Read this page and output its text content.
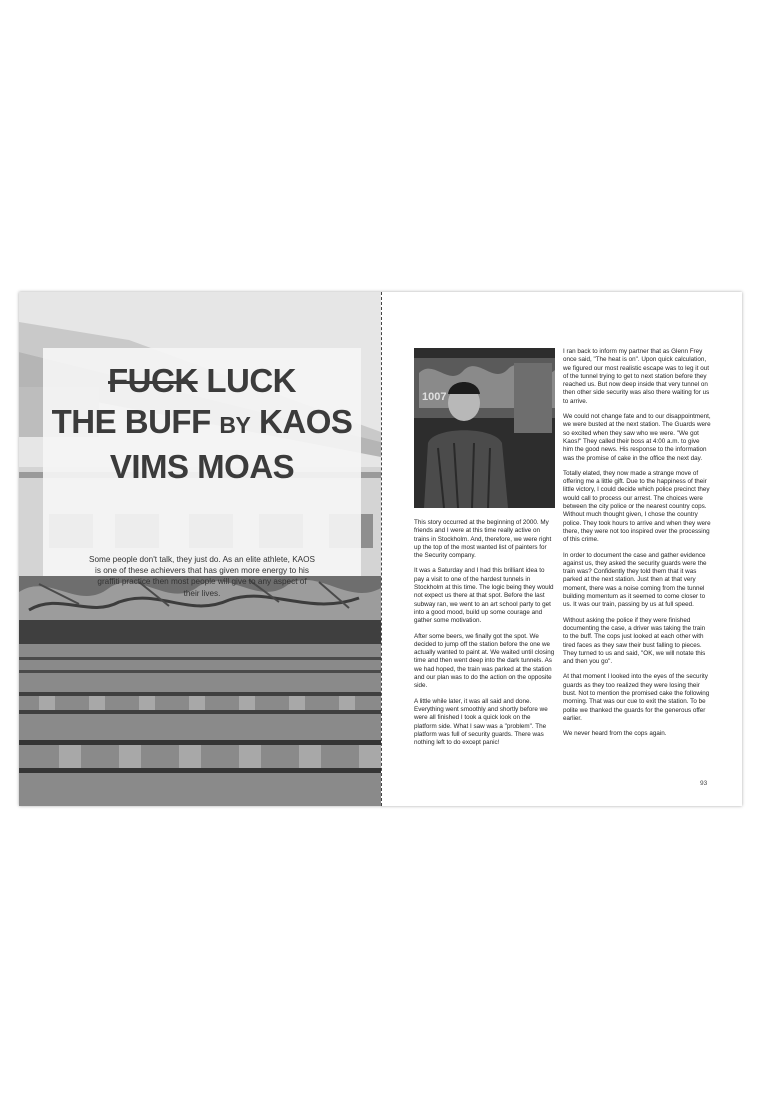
FUCK LUCK
THE BUFF BY KAOS
VIMS MOAS
Some people don't talk, they just do. As an elite athlete, KAOS is one of these achievers that has given more energy to his graffiti practice then most people will give to any aspect of their lives.
1007

This story occurred at the beginning of 2000. My friends and I were at this time really active on trains in Stockholm. And, therefore, we were right up the top of the most wanted list of painters for the Security company.

It was a Saturday and I had this brilliant idea to pay a visit to one of the hardest tunnels in Stockholm at this time. The logic being they would not expect us there at that spot. Before the last subway ran, we went to an art school party to get into a good mood, build up some courage and gather some motivation.

After some beers, we finally got the spot. We decided to jump off the station before the one we actually wanted to paint at. We waited until closing time and then went deep into the dark tunnels. As we had hoped, the train was parked at the station and our plan was to do the action on the opposite side.

A little while later, it was all said and done. Everything went smoothly and shortly before we were all finished I took a quick look on the platform side. What I saw was a "problem". The platform was full of security guards. There was nothing left to do except panic!

I ran back to inform my partner that as Glenn Frey once said, "The heat is on". Upon quick calculation, we figured our most realistic escape was to leg it out of the tunnel trying to get to next station before they reached us. But now deep inside that very tunnel on then other side security was also there waiting for us to arrive.

We could not change fate and to our disappointment, we were busted at the next station. The Guards were so excited when they saw who we were. "We got Kaos!" They called their boss at 4:00 a.m. to give him the good news. His response to the information was the promise of cake in the office the next day.

Totally elated, they now made a strange move of offering me a little gift. Due to the happiness of their little victory, I could decide which police precinct they would call to process our arrest. The choices were between the city police or the nearest country cops. Without much thought given, I chose the country police. They took hours to arrive and when they were there, they were not too inspired over the processing of this crime.

In order to document the case and gather evidence against us, they asked the security guards were the train was? Confidently they told them that it was parked at the next station. Just then at that very moment, there was a noise coming from the tunnel building momentum as it seemed to come closer to us. It was our train, passing by us at full speed.

Without asking the police if they were finished documenting the case, a driver was taking the train to the buff. The cops just looked at each other with tired faces as they saw their bust falling to pieces. They turned to us and said, "OK, we will notate this and then you go".

At that moment I looked into the eyes of the security guards as they too realized they were losing their bust. Not to mention the promised cake the following morning. That was our cue to exit the station. To be polite we thanked the guards for the generous offer earlier.

We never heard from the cops again.

93
